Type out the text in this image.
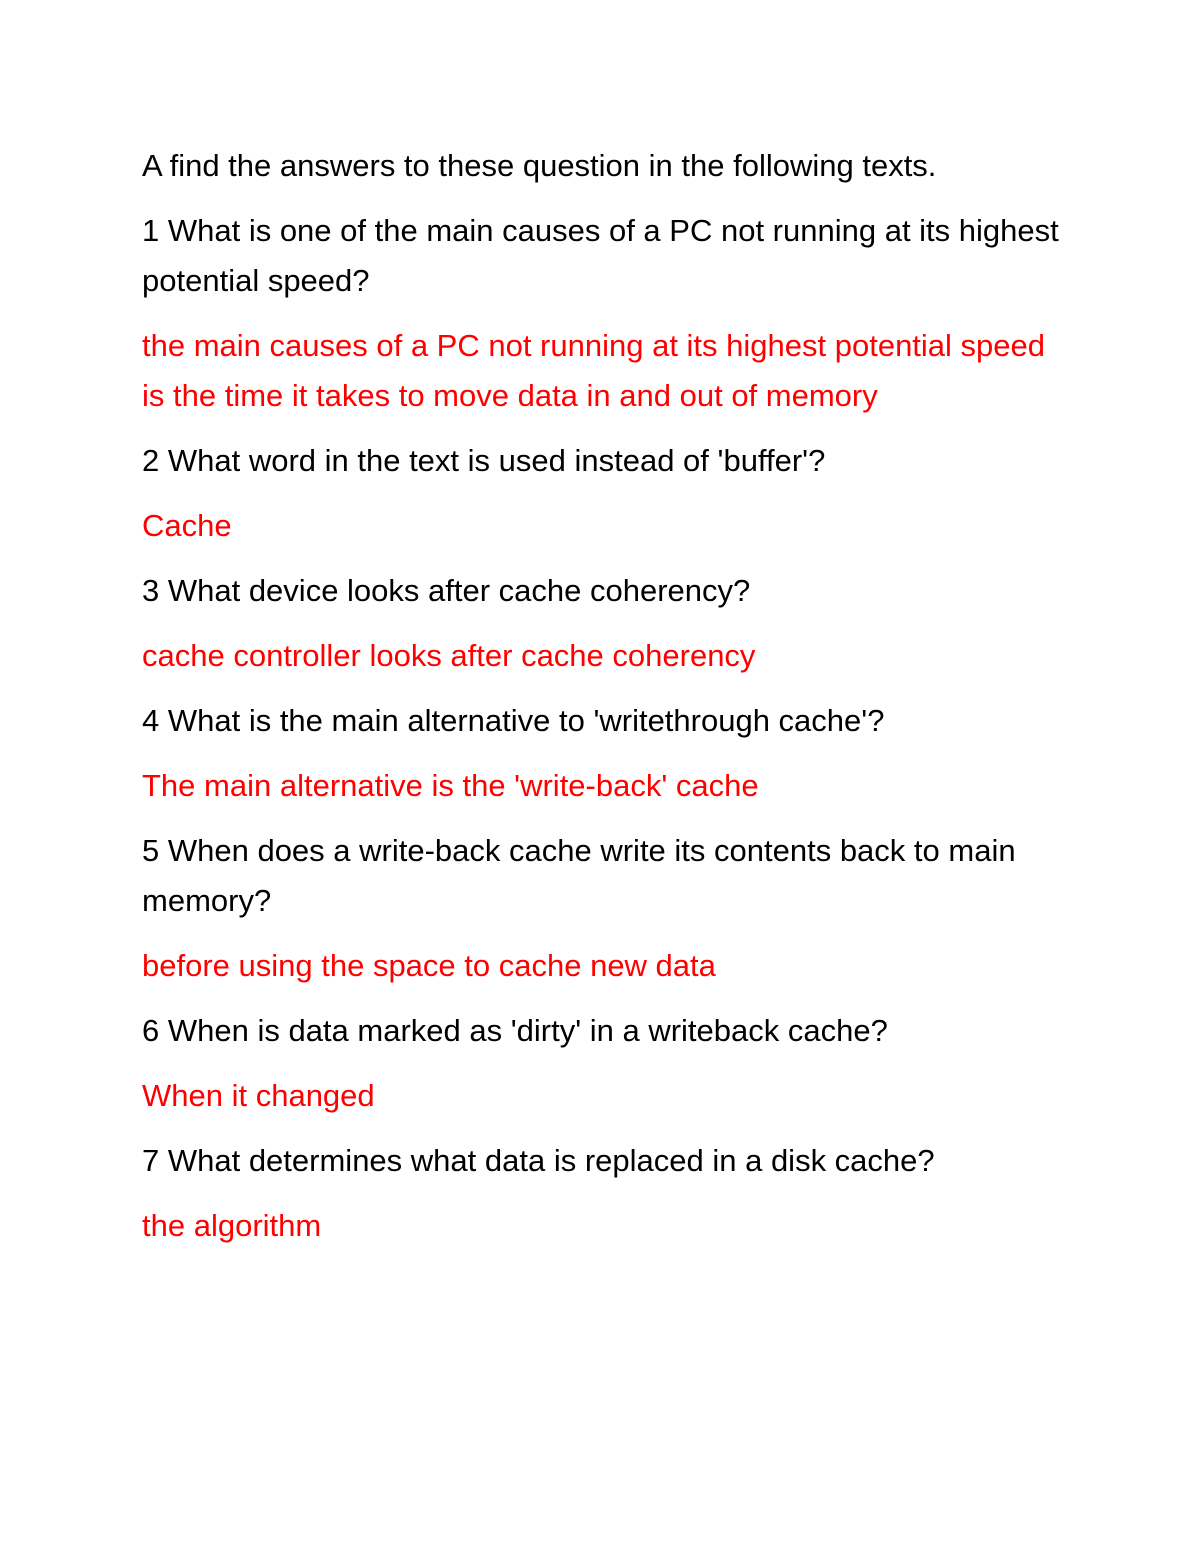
A find the answers to these question in the following texts.

1 What is one of the main causes of a PC not running at its highest potential speed?

the main causes of a PC not running at its highest potential speed is the time it takes to move data in and out of memory

2 What word in the text is used instead of 'buffer'?

Cache

3 What device looks after cache coherency?

cache controller looks after cache coherency

4 What is the main alternative to 'writethrough cache'?

The main alternative is the 'write-back' cache

5 When does a write-back cache write its contents back to main memory?

before using the space to cache new data

6 When is data marked as 'dirty' in a writeback cache?

When it changed

7 What determines what data is replaced in a disk cache?

the algorithm
